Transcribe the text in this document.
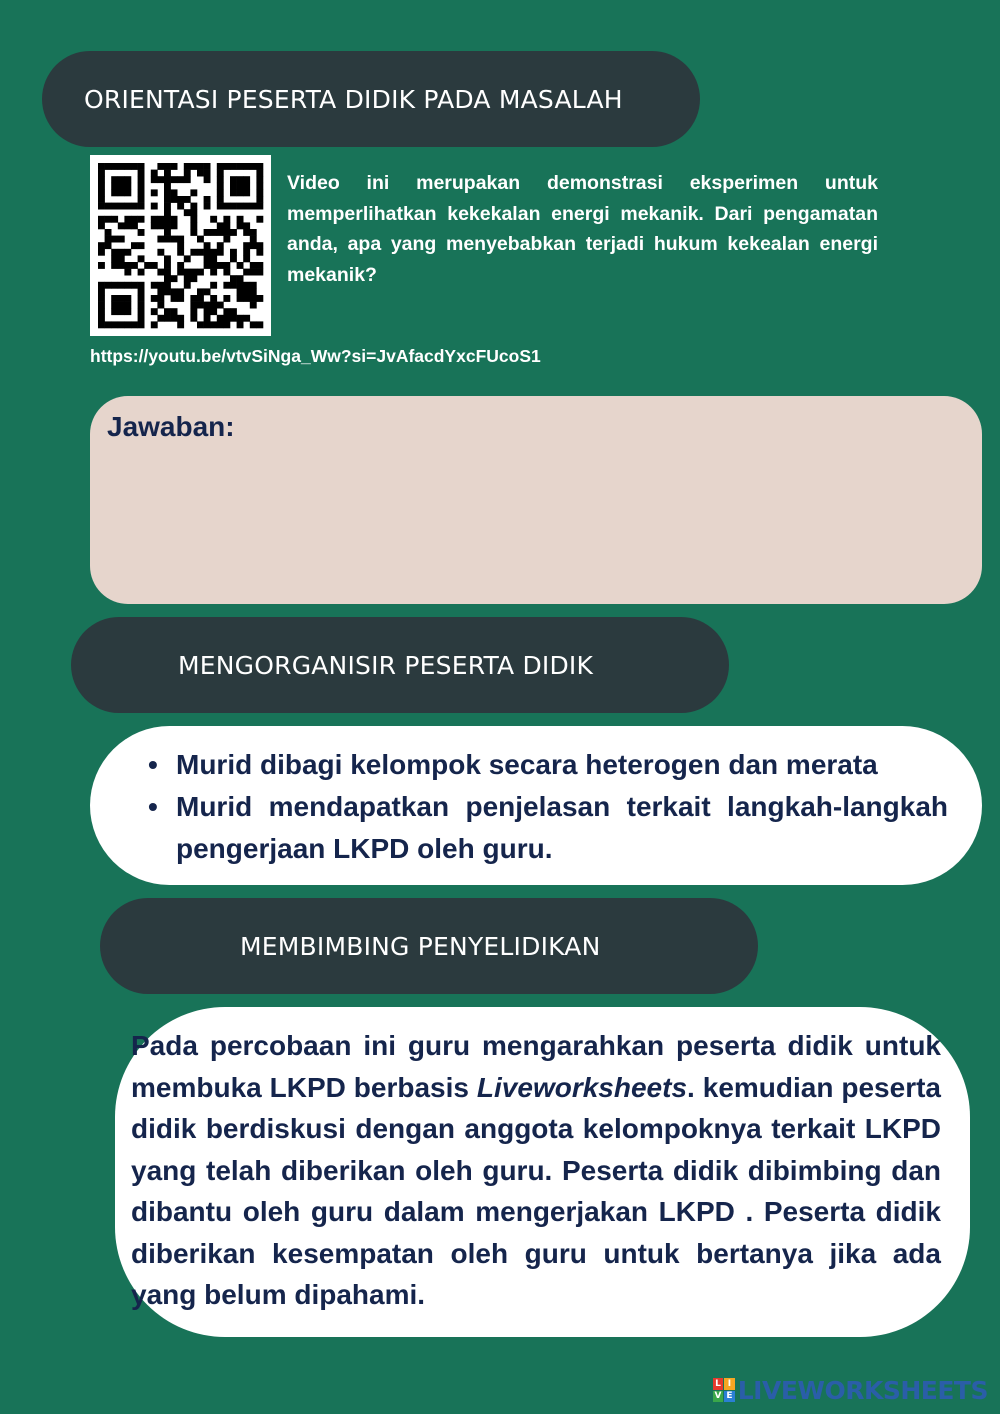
ORIENTASI PESERTA DIDIK PADA MASALAH

Video ini merupakan demonstrasi eksperimen untuk memperlihatkan kekekalan energi mekanik. Dari pengamatan anda, apa yang menyebabkan terjadi hukum kekealan energi mekanik?

https://youtu.be/vtvSiNga_Ww?si=JvAfacdYxcFUcoS1

Jawaban:
MENGORGANISIR PESERTA DIDIK
• Murid dibagi kelompok secara heterogen dan merata
• Murid mendapatkan penjelasan terkait langkah-langkah pengerjaan LKPD oleh guru.
MEMBIMBING PENYELIDIKAN

Pada percobaan ini guru mengarahkan peserta didik untuk membuka LKPD berbasis Liveworksheets. kemudian peserta didik berdiskusi dengan anggota kelompoknya terkait LKPD yang telah diberikan oleh guru. Peserta didik dibimbing dan dibantu oleh guru dalam mengerjakan LKPD . Peserta didik diberikan kesempatan oleh guru untuk bertanya jika ada yang belum dipahami.

L I
V E LIVEWORKSHEETS
